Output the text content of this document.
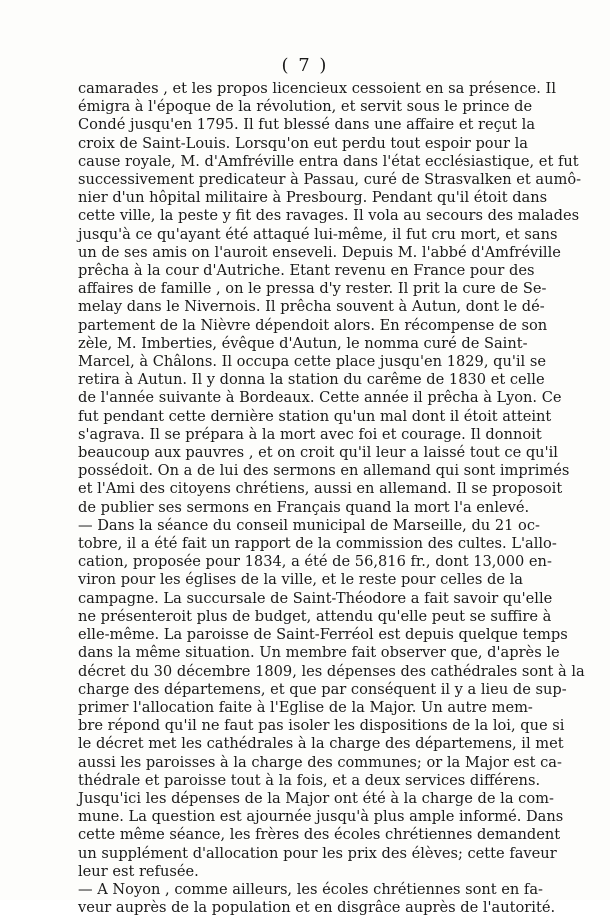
( 7 )
camarades , et les propos licencieux cessoient en sa présence. Il
émigra à l'époque de la révolution, et servit sous le prince de
Condé jusqu'en 1795. Il fut blessé dans une affaire et reçut la
croix de Saint-Louis. Lorsqu'on eut perdu tout espoir pour la
cause royale, M. d'Amfréville entra dans l'état ecclésiastique, et fut
successivement predicateur à Passau, curé de Strasvalken et aumô-
nier d'un hôpital militaire à Presbourg. Pendant qu'il étoit dans
cette ville, la peste y fit des ravages. Il vola au secours des malades
jusqu'à ce qu'ayant été attaqué lui-même, il fut cru mort, et sans
un de ses amis on l'auroit enseveli. Depuis M. l'abbé d'Amfréville
prêcha à la cour d'Autriche. Etant revenu en France pour des
affaires de famille , on le pressa d'y rester. Il prit la cure de Se-
melay dans le Nivernois. Il prêcha souvent à Autun, dont le dé-
partement de la Nièvre dépendoit alors. En récompense de son
zèle, M. Imberties, évêque d'Autun, le nomma curé de Saint-
Marcel, à Châlons. Il occupa cette place jusqu'en 1829, qu'il se
retira à Autun. Il y donna la station du carême de 1830 et celle
de l'année suivante à Bordeaux. Cette année il prêcha à Lyon. Ce
fut pendant cette dernière station qu'un mal dont il étoit atteint
s'agrava. Il se prépara à la mort avec foi et courage. Il donnoit
beaucoup aux pauvres , et on croit qu'il leur a laissé tout ce qu'il
possédoit. On a de lui des sermons en allemand qui sont imprimés
et l'Ami des citoyens chrétiens, aussi en allemand. Il se proposoit
de publier ses sermons en Français quand la mort l'a enlevé.
— Dans la séance du conseil municipal de Marseille, du 21 oc-
tobre, il a été fait un rapport de la commission des cultes. L'allo-
cation, proposée pour 1834, a été de 56,816 fr., dont 13,000 en-
viron pour les églises de la ville, et le reste pour celles de la
campagne. La succursale de Saint-Théodore a fait savoir qu'elle
ne présenteroit plus de budget, attendu qu'elle peut se suffire à
elle-même. La paroisse de Saint-Ferréol est depuis quelque temps
dans la même situation. Un membre fait observer que, d'après le
décret du 30 décembre 1809, les dépenses des cathédrales sont à la
charge des départemens, et que par conséquent il y a lieu de sup-
primer l'allocation faite à l'Eglise de la Major. Un autre mem-
bre répond qu'il ne faut pas isoler les dispositions de la loi, que si
le décret met les cathédrales à la charge des départemens, il met
aussi les paroisses à la charge des communes; or la Major est ca-
thédrale et paroisse tout à la fois, et a deux services différens.
Jusqu'ici les dépenses de la Major ont été à la charge de la com-
mune. La question est ajournée jusqu'à plus ample informé. Dans
cette même séance, les frères des écoles chrétiennes demandent
un supplément d'allocation pour les prix des élèves; cette faveur
leur est refusée.
— A Noyon , comme ailleurs, les écoles chrétiennes sont en fa-
veur auprès de la population et en disgrâce auprès de l'autorité.
